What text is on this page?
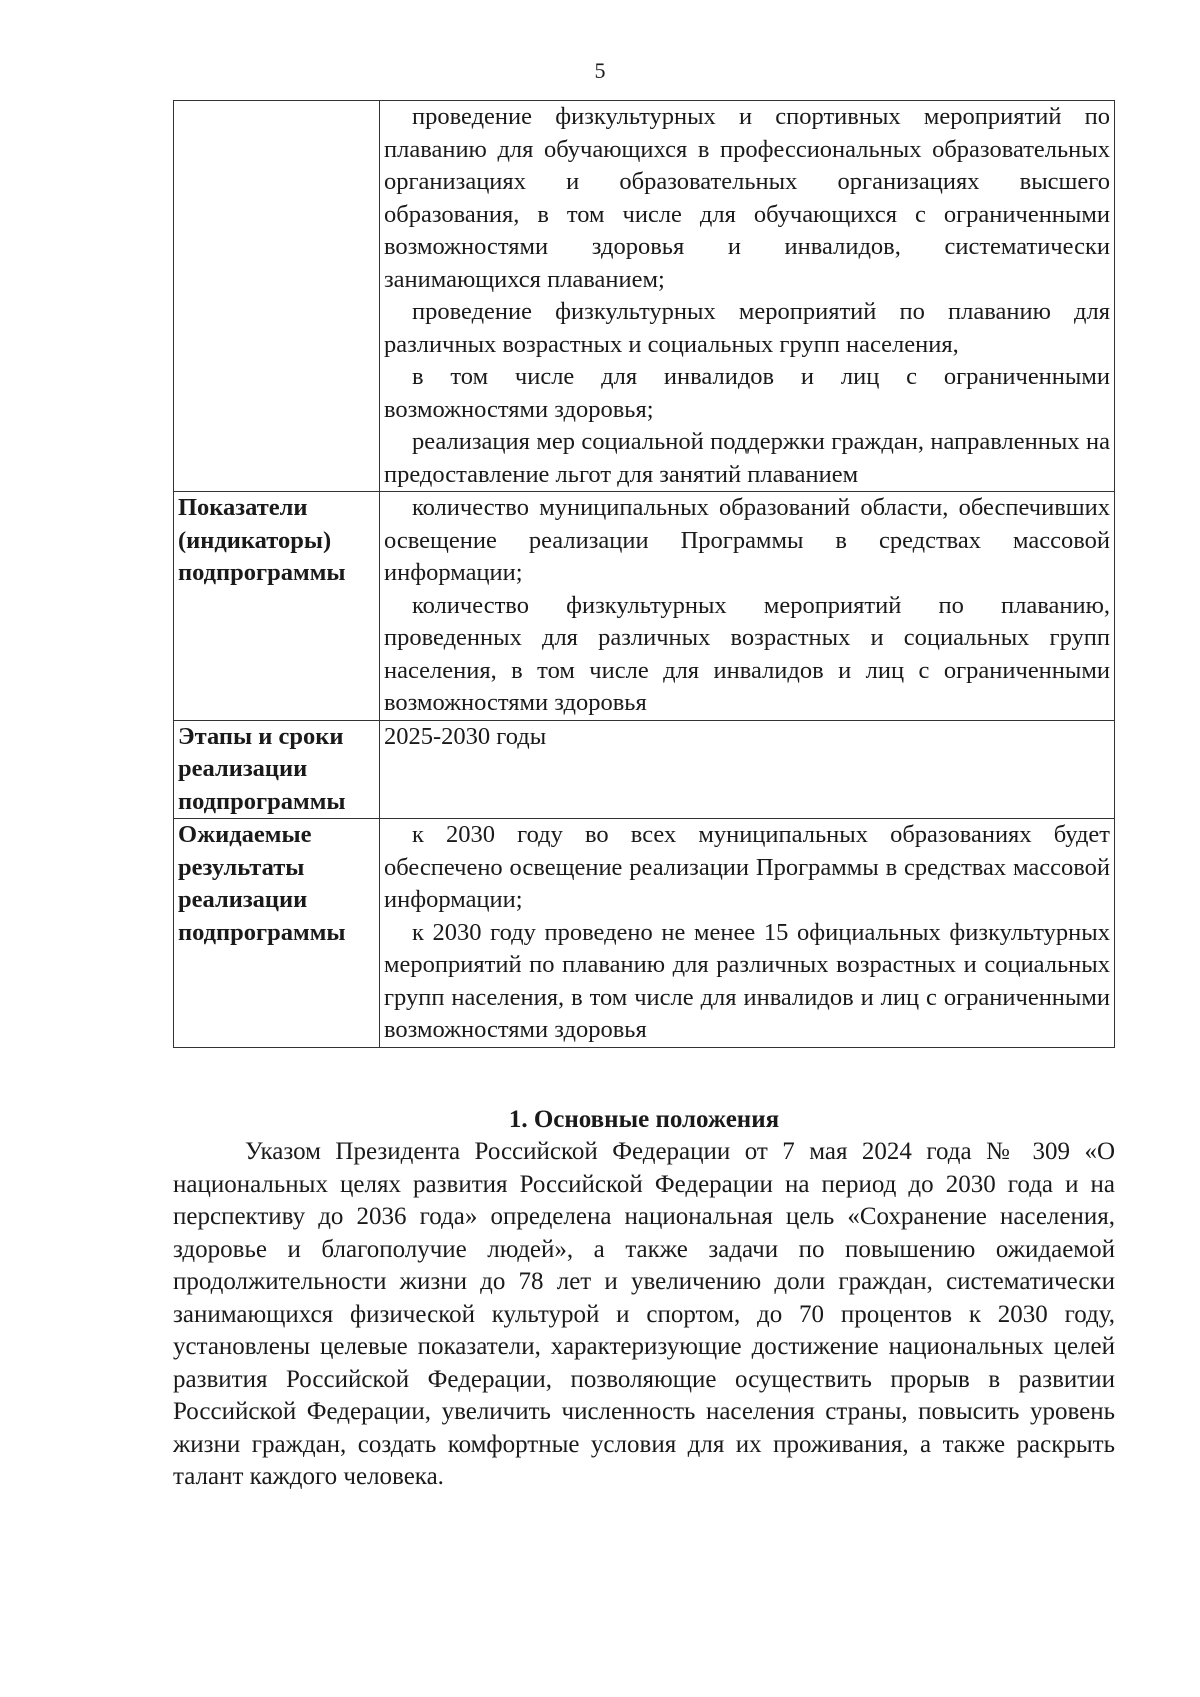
5

	проведение физкультурных и спортивных мероприятий по плаванию для обучающихся в профессиональных образовательных организациях и образовательных организациях высшего образования, в том числе для обучающихся с ограниченными возможностями здоровья и инвалидов, систематически занимающихся плаванием;

проведение физкультурных мероприятий по плаванию для различных возрастных и социальных групп населения,

в том числе для инвалидов и лиц с ограниченными возможностями здоровья;

реализация мер социальной поддержки граждан, направленных на предоставление льгот для занятий плаванием

Показатели (индикаторы) подпрограммы	количество муниципальных образований области, обеспечивших освещение реализации Программы в средствах массовой информации;

количество физкультурных мероприятий по плаванию, проведенных для различных возрастных и социальных групп населения, в том числе для инвалидов и лиц с ограниченными возможностями здоровья

Этапы и сроки реализации подпрограммы	2025-2030 годы

Ожидаемые результаты реализации подпрограммы	к 2030 году во всех муниципальных образованиях будет обеспечено освещение реализации Программы в средствах массовой информации;

к 2030 году проведено не менее 15 официальных физкультурных мероприятий по плаванию для различных возрастных и социальных групп населения, в том числе для инвалидов и лиц с ограниченными возможностями здоровья

1. Основные положения

Указом Президента Российской Федерации от 7 мая 2024 года № 309 «О национальных целях развития Российской Федерации на период до 2030 года и на перспективу до 2036 года» определена национальная цель «Сохранение населения, здоровье и благополучие людей», а также задачи по повышению ожидаемой продолжительности жизни до 78 лет и увеличению доли граждан, систематически занимающихся физической культурой и спортом, до 70 процентов к 2030 году, установлены целевые показатели, характеризующие достижение национальных целей развития Российской Федерации, позволяющие осуществить прорыв в развитии Российской Федерации, увеличить численность населения страны, повысить уровень жизни граждан, создать комфортные условия для их проживания, а также раскрыть талант каждого человека.
